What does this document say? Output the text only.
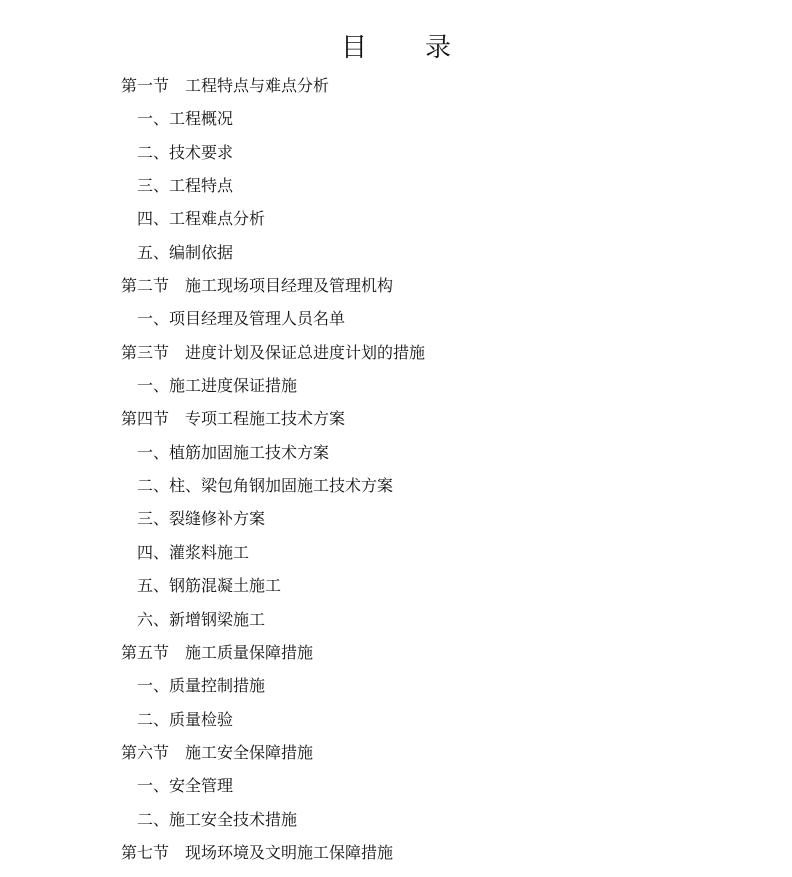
目 录
第一节 工程特点与难点分析
一、工程概况
二、技术要求
三、工程特点
四、工程难点分析
五、编制依据
第二节 施工现场项目经理及管理机构
一、项目经理及管理人员名单
第三节 进度计划及保证总进度计划的措施
一、施工进度保证措施
第四节 专项工程施工技术方案
一、植筋加固施工技术方案
二、柱、梁包角钢加固施工技术方案
三、裂缝修补方案
四、灌浆料施工
五、钢筋混凝土施工
六、新增钢梁施工
第五节 施工质量保障措施
一、质量控制措施
二、质量检验
第六节 施工安全保障措施
一、安全管理
二、施工安全技术措施
第七节 现场环境及文明施工保障措施
